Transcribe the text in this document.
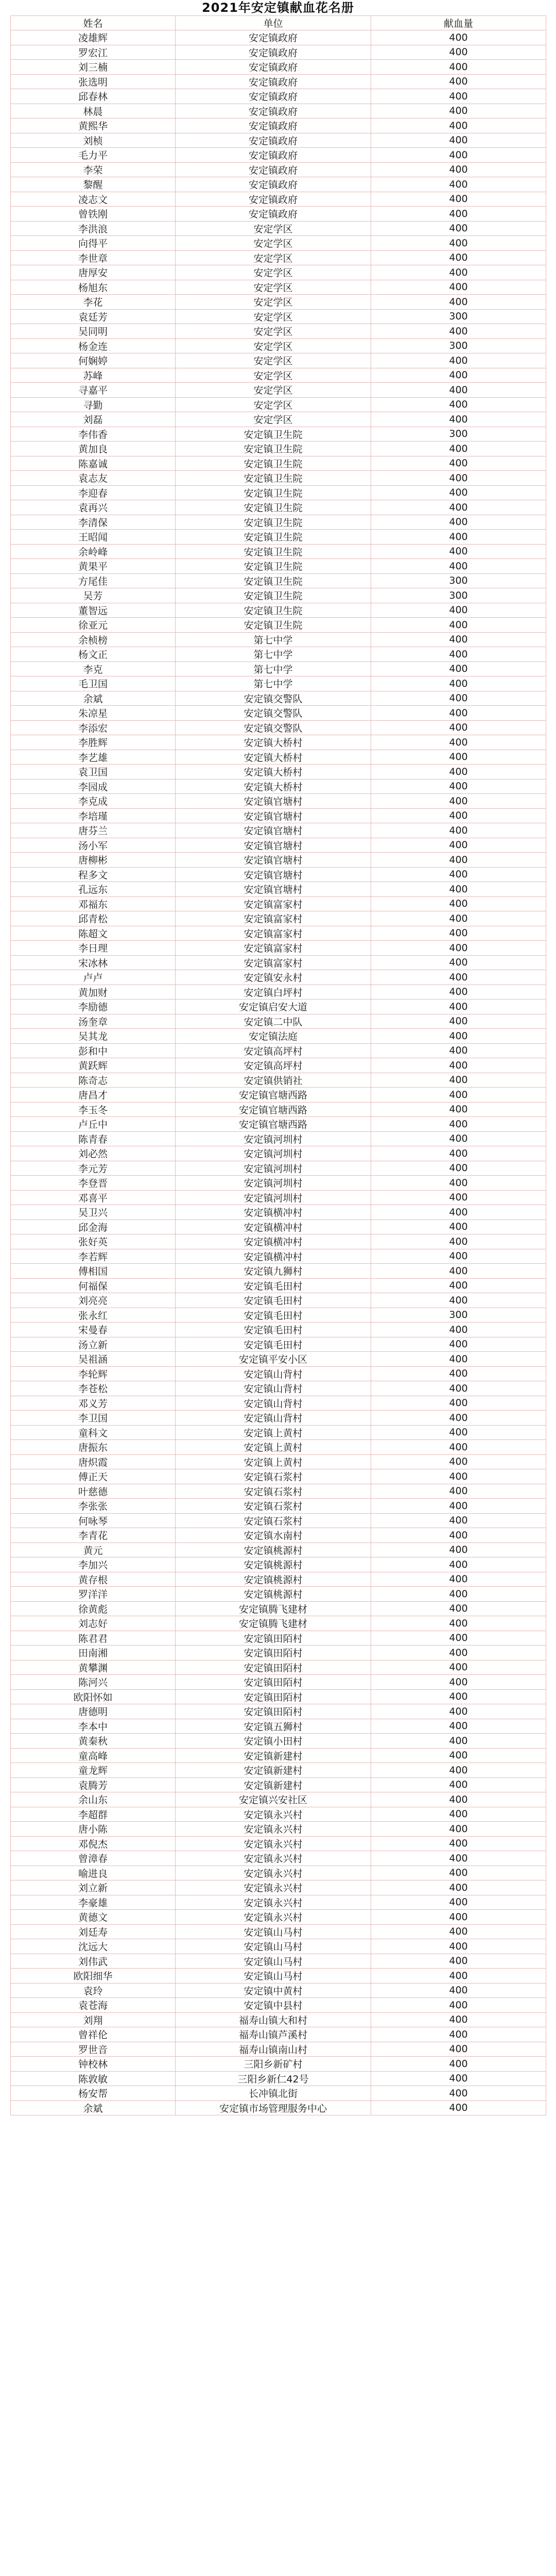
2021年安定镇献血花名册
姓名	单位	献血量
凌雄辉	安定镇政府	400
罗宏江	安定镇政府	400
刘三楠	安定镇政府	400
张选明	安定镇政府	400
邱春林	安定镇政府	400
林晨	安定镇政府	400
黄熙华	安定镇政府	400
刘桢	安定镇政府	400
毛力平	安定镇政府	400
李荣	安定镇政府	400
黎醒	安定镇政府	400
凌志文	安定镇政府	400
曾铁刚	安定镇政府	400
李洪浪	安定学区	400
向得平	安定学区	400
李世章	安定学区	400
唐厚安	安定学区	400
杨旭东	安定学区	400
李花	安定学区	400
袁廷芳	安定学区	300
吴同明	安定学区	400
杨金连	安定学区	300
何娴婷	安定学区	400
苏峰	安定学区	400
寻嘉平	安定学区	400
寻勤	安定学区	400
刘磊	安定学区	400
李伟香	安定镇卫生院	300
黄加良	安定镇卫生院	400
陈嘉诚	安定镇卫生院	400
袁志友	安定镇卫生院	400
李迎春	安定镇卫生院	400
袁再兴	安定镇卫生院	400
李清保	安定镇卫生院	400
王昭闻	安定镇卫生院	400
余岭峰	安定镇卫生院	400
黄果平	安定镇卫生院	400
方尾佳	安定镇卫生院	300
吴芳	安定镇卫生院	300
董智远	安定镇卫生院	400
徐亚元	安定镇卫生院	400
余桢榜	第七中学	400
杨文正	第七中学	400
李克	第七中学	400
毛卫国	第七中学	400
余斌	安定镇交警队	400
朱凉星	安定镇交警队	400
李添宏	安定镇交警队	400
李胜辉	安定镇大桥村	400
李艺雄	安定镇大桥村	400
袁卫国	安定镇大桥村	400
李园成	安定镇大桥村	400
李克成	安定镇官塘村	400
李培瑾	安定镇官塘村	400
唐芬兰	安定镇官塘村	400
汤小军	安定镇官塘村	400
唐柳彬	安定镇官塘村	400
程多文	安定镇官塘村	400
孔远东	安定镇官塘村	400
邓福东	安定镇富家村	400
邱青松	安定镇富家村	400
陈超文	安定镇富家村	400
李日理	安定镇富家村	400
宋冰林	安定镇富家村	400
卢卢	安定镇安永村	400
黄加财	安定镇白坪村	400
李励德	安定镇启安大道	400
汤奎章	安定镇二中队	400
吴其龙	安定镇法庭	400
彭和中	安定镇高坪村	400
黄跃辉	安定镇高坪村	400
陈奇志	安定镇供销社	400
唐昌才	安定镇官塘西路	400
李玉冬	安定镇官塘西路	400
卢丘中	安定镇官塘西路	400
陈青春	安定镇河圳村	400
刘必然	安定镇河圳村	400
李元芳	安定镇河圳村	400
李登晋	安定镇河圳村	400
邓喜平	安定镇河圳村	400
吴卫兴	安定镇横冲村	400
邱金海	安定镇横冲村	400
张好英	安定镇横冲村	400
李若辉	安定镇横冲村	400
傅相国	安定镇九狮村	400
何福保	安定镇毛田村	400
刘亮亮	安定镇毛田村	400
张永红	安定镇毛田村	300
宋曼春	安定镇毛田村	400
汤立新	安定镇毛田村	400
吴祖涵	安定镇平安小区	400
李轮辉	安定镇山背村	400
李苍松	安定镇山背村	400
邓义芳	安定镇山背村	400
李卫国	安定镇山背村	400
童科文	安定镇上黄村	400
唐振东	安定镇上黄村	400
唐炽霞	安定镇上黄村	400
傅正天	安定镇石浆村	400
叶慈德	安定镇石浆村	400
李张张	安定镇石浆村	400
何咏琴	安定镇石浆村	400
李青花	安定镇水南村	400
黄元	安定镇桃源村	400
李加兴	安定镇桃源村	400
黄存根	安定镇桃源村	400
罗洋洋	安定镇桃源村	400
徐黄彪	安定镇腾飞建材	400
刘志好	安定镇腾飞建材	400
陈君君	安定镇田陌村	400
田南湘	安定镇田陌村	400
黄攀渊	安定镇田陌村	400
陈河兴	安定镇田陌村	400
欧阳怀如	安定镇田陌村	400
唐德明	安定镇田陌村	400
李本中	安定镇五狮村	400
黄秦秋	安定镇小田村	400
童高峰	安定镇新建村	400
童龙辉	安定镇新建村	400
袁腾芳	安定镇新建村	400
余山东	安定镇兴安社区	400
李超群	安定镇永兴村	400
唐小陈	安定镇永兴村	400
邓倪杰	安定镇永兴村	400
曾漳春	安定镇永兴村	400
喻进良	安定镇永兴村	400
刘立新	安定镇永兴村	400
李豪雄	安定镇永兴村	400
黄德文	安定镇永兴村	400
刘廷寿	安定镇山马村	400
沈远大	安定镇山马村	400
刘伟武	安定镇山马村	400
欧阳细华	安定镇山马村	400
袁玲	安定镇中黄村	400
袁苍海	安定镇中县村	400
刘翔	福寿山镇大和村	400
曾祥伦	福寿山镇芦溪村	400
罗世音	福寿山镇南山村	400
钟校林	三阳乡新矿村	400
陈敦敏	三阳乡新仁42号	400
杨安帮	长冲镇北街	400
余斌	安定镇市场管理服务中心	400
